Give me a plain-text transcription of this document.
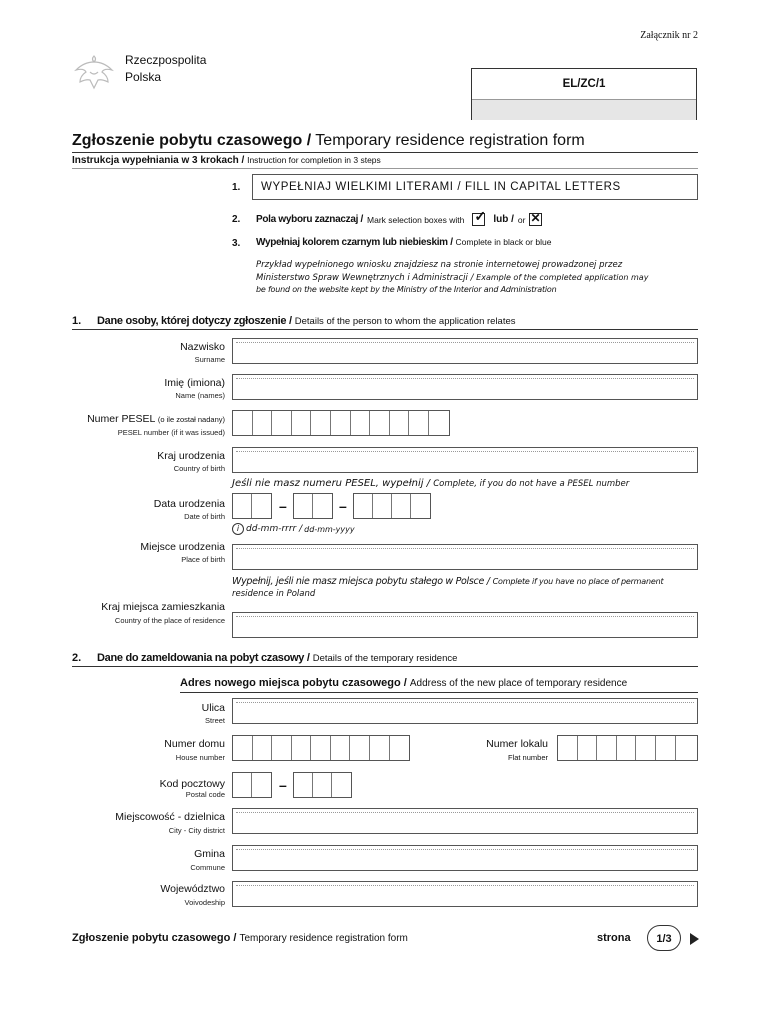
Załącznik nr 2
Rzeczpospolita
Polska	EL/ZC/1
Zgłoszenie pobytu czasowego / Temporary residence registration form
Instrukcja wypełniania w 3 krokach / Instruction for completion in 3 steps
1.	WYPEŁNIAJ WIELKIMI LITERAMI / FILL IN CAPITAL LETTERS
2. Pola wyboru zaznaczaj / Mark selection boxes with ✓ lub / or ✕
3. Wypełniaj kolorem czarnym lub niebieskim / Complete in black or blue
Przykład wypełnionego wniosku znajdziesz na stronie internetowej prowadzonej przez
Ministerstwo Spraw Wewnętrznych i Administracji / Example of the completed application may
be found on the website kept by the Ministry of the Interior and Administration
1. Dane osoby, której dotyczy zgłoszenie / Details of the person to whom the application relates
Nazwisko
Surname
Imię (imiona)
Name (names)
Numer PESEL (o ile został nadany)
PESEL number (if it was issued)
Kraj urodzenia
Country of birth
Jeśli nie masz numeru PESEL, wypełnij / Complete, if you do not have a PESEL number
Data urodzenia
Date of birth
–	–
i dd-mm-rrrr / dd-mm-yyyy
Miejsce urodzenia
Place of birth
Wypełnij, jeśli nie masz miejsca pobytu stałego w Polsce / Complete if you have no place of permanent
residence in Poland
Kraj miejsca zamieszkania
Country of the place of residence
2. Dane do zameldowania na pobyt czasowy / Details of the temporary residence
Adres nowego miejsca pobytu czasowego / Address of the new place of temporary residence
Ulica
Street
Numer domu
House number
Numer lokalu
Flat number
Kod pocztowy
Postal code
–
Miejscowość - dzielnica
City - City district
Gmina
Commune
Województwo
Voivodeship
Zgłoszenie pobytu czasowego / Temporary residence registration form	strona	1/3
